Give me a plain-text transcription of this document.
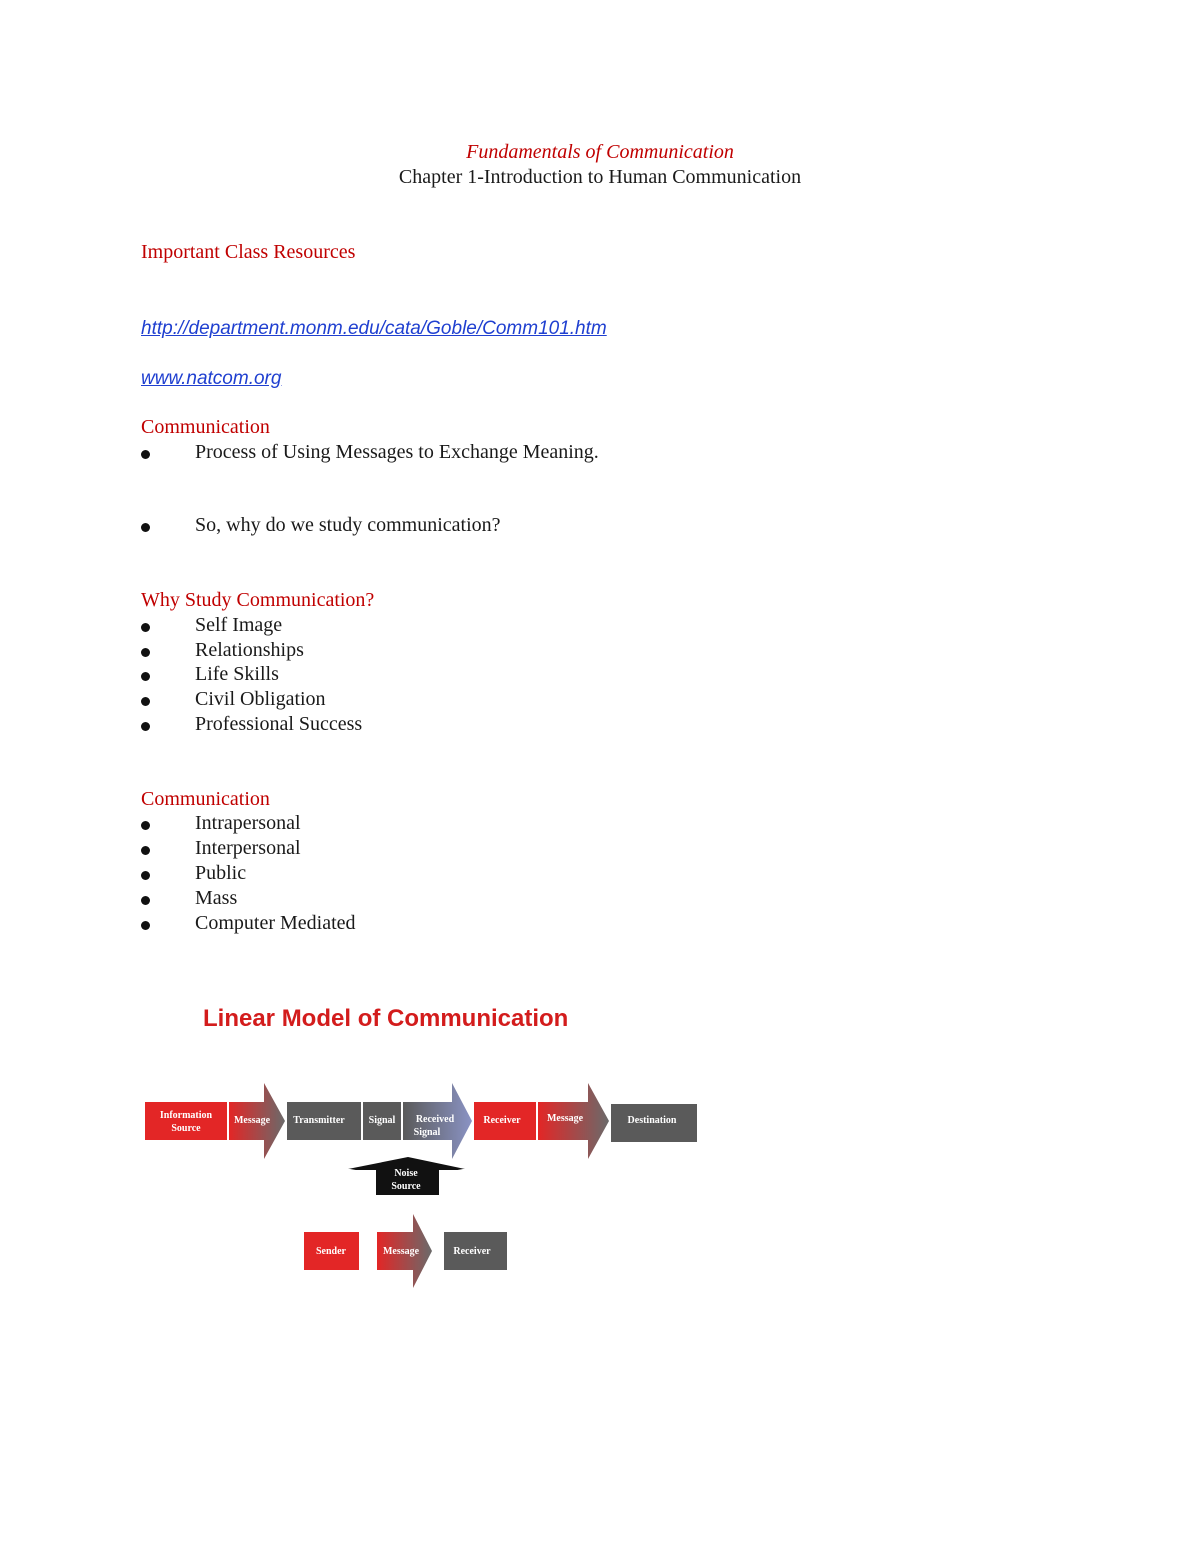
Fundamentals of Communication
Chapter 1-Introduction to Human Communication
Important Class Resources
http://department.monm.edu/cata/Goble/Comm101.htm
www.natcom.org
Communication
Process of Using Messages to Exchange Meaning.
So, why do we study communication?
Why Study Communication?
Self Image
Relationships
Life Skills
Civil Obligation
Professional Success
Communication
Intrapersonal
Interpersonal
Public
Mass
Computer Mediated
Linear Model of Communication
Information
Source
Message Transmitter Signal Received
Signal
Receiver	Message	Destination
Noise
Source
Sender	Message	Receiver
